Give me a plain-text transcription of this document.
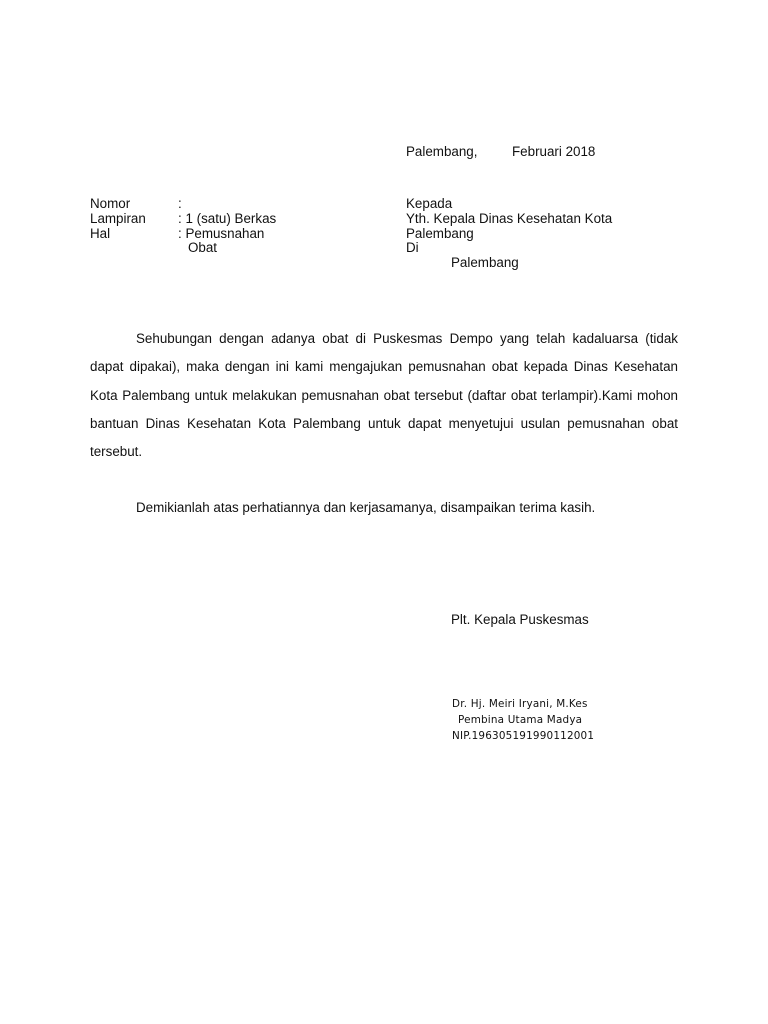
Palembang,	Februari 2018
Nomor	:
Lampiran : 1 (satu) Berkas
Hal	: Pemusnahan
Obat
Kepada
Yth. Kepala Dinas Kesehatan Kota
Palembang
Di
Palembang

Sehubungan dengan adanya obat di Puskesmas Dempo yang telah kadaluarsa (tidak dapat dipakai), maka dengan ini kami mengajukan pemusnahan obat kepada Dinas Kesehatan Kota Palembang untuk melakukan pemusnahan obat tersebut (daftar obat terlampir).Kami mohon bantuan Dinas Kesehatan Kota Palembang untuk dapat menyetujui usulan pemusnahan obat tersebut.

Demikianlah atas perhatiannya dan kerjasamanya, disampaikan terima kasih.
Plt. Kepala Puskesmas
Dr. Hj. Meiri Iryani, M.Kes
Pembina Utama Madya
NIP.196305191990112001
